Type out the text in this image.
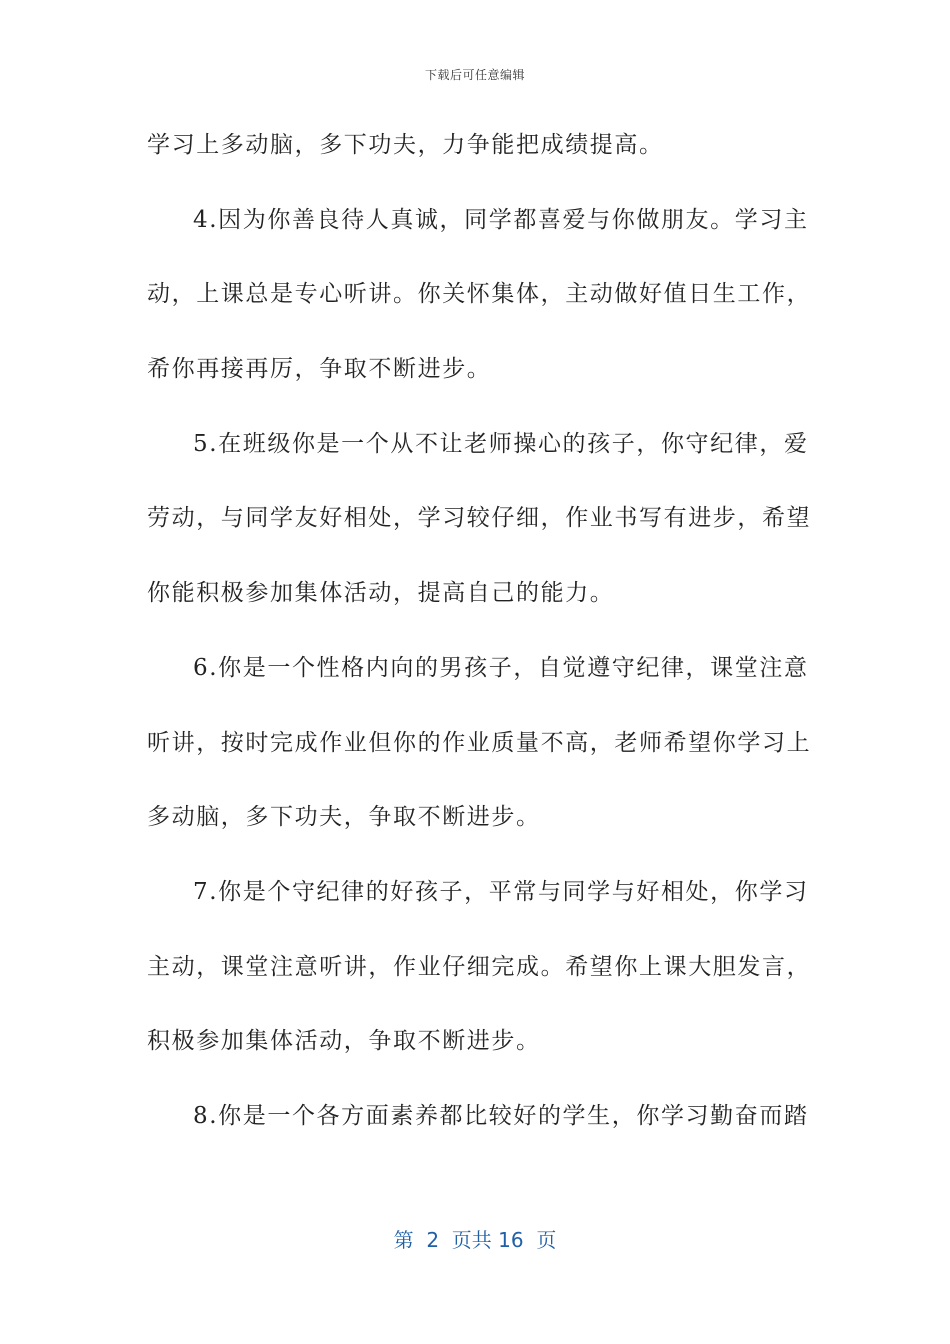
下载后可任意编辑
学习上多动脑，多下功夫，力争能把成绩提高。
4.因为你善良待人真诚，同学都喜爱与你做朋友。学习主
动，上课总是专心听讲。你关怀集体，主动做好值日生工作，
希你再接再厉，争取不断进步。
5.在班级你是一个从不让老师操心的孩子，你守纪律，爱
劳动，与同学友好相处，学习较仔细，作业书写有进步，希望
你能积极参加集体活动，提高自己的能力。
6.你是一个性格内向的男孩子，自觉遵守纪律，课堂注意
听讲，按时完成作业但你的作业质量不高，老师希望你学习上
多动脑，多下功夫，争取不断进步。
7.你是个守纪律的好孩子，平常与同学与好相处，你学习
主动，课堂注意听讲，作业仔细完成。希望你上课大胆发言，
积极参加集体活动，争取不断进步。
8.你是一个各方面素养都比较好的学生，你学习勤奋而踏
第  2  页共 16  页
